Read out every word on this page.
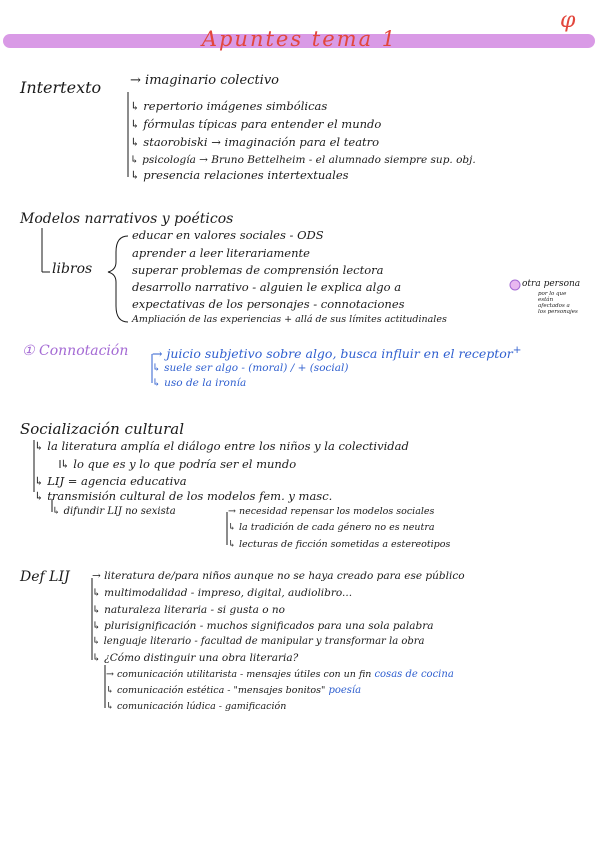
Apuntes tema 1
φ
Intertexto → imaginario colectivo
↳ repertorio imágenes simbólicas
↳ fórmulas típicas para entender el mundo
↳ staorobiski → imaginación para el teatro
↳ psicología → Bruno Bettelheim - el alumnado siempre sup. obj.
↳ presencia relaciones intertextuales
Modelos narrativos y poéticos
libros
educar en valores sociales - ODS
aprender a leer literariamente
superar problemas de comprensión lectora
desarrollo narrativo - alguien le explica algo a
expectativas de los personajes - connotaciones
Ampliación de las experiencias + allá de sus límites actitudinales
otra persona
por lo que están afectados a los personajes
① Connotación → juicio subjetivo sobre algo, busca influir en el receptor+
↳ suele ser algo - (moral) / + (social)
↳ uso de la ironía
Socialización cultural
↳ la literatura amplía el diálogo entre los niños y la colectividad
↳ lo que es y lo que podría ser el mundo
↳ LIJ = agencia educativa
↳ transmisión cultural de los modelos fem. y masc.
↳ difundir LIJ no sexista	→ necesidad repensar los modelos sociales
↳ la tradición de cada género no es neutra
↳ lecturas de ficción sometidas a estereotipos
Def LIJ → literatura de/para niños aunque no se haya creado para ese público
↳ multimodalidad - impreso, digital, audiolibro...
↳ naturaleza literaria - si gusta o no
↳ plurisignificación - muchos significados para una sola palabra
↳ lenguaje literario - facultad de manipular y transformar la obra
↳ ¿Cómo distinguir una obra literaria?
→ comunicación utilitarista - mensajes útiles con un fin cosas de cocina
↳ comunicación estética - "mensajes bonitos" poesía
↳ comunicación lúdica - gamificación
